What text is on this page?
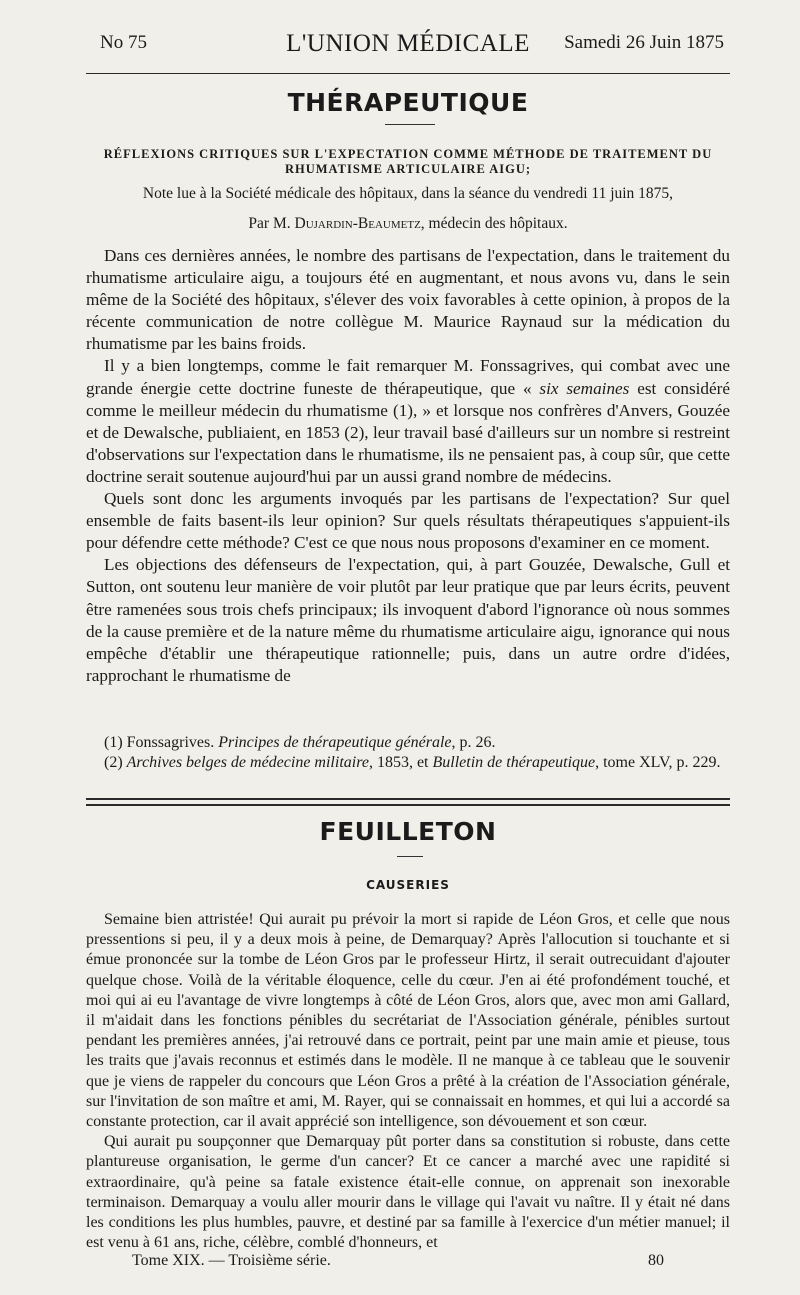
No 75	L'UNION MÉDICALE	Samedi 26 Juin 1875
THÉRAPEUTIQUE
RÉFLEXIONS CRITIQUES SUR L'EXPECTATION COMME MÉTHODE DE TRAITEMENT DU RHUMATISME ARTICULAIRE AIGU;
Note lue à la Société médicale des hôpitaux, dans la séance du vendredi 11 juin 1875,
Par M. Dujardin-Beaumetz, médecin des hôpitaux.

Dans ces dernières années, le nombre des partisans de l'expectation, dans le traitement du rhumatisme articulaire aigu, a toujours été en augmentant, et nous avons vu, dans le sein même de la Société des hôpitaux, s'élever des voix favorables à cette opinion, à propos de la récente communication de notre collègue M. Maurice Raynaud sur la médication du rhumatisme par les bains froids.

Il y a bien longtemps, comme le fait remarquer M. Fonssagrives, qui combat avec une grande énergie cette doctrine funeste de thérapeutique, que « six semaines est considéré comme le meilleur médecin du rhumatisme (1), » et lorsque nos confrères d'Anvers, Gouzée et de Dewalsche, publiaient, en 1853 (2), leur travail basé d'ailleurs sur un nombre si restreint d'observations sur l'expectation dans le rhumatisme, ils ne pensaient pas, à coup sûr, que cette doctrine serait soutenue aujourd'hui par un aussi grand nombre de médecins.

Quels sont donc les arguments invoqués par les partisans de l'expectation? Sur quel ensemble de faits basent-ils leur opinion? Sur quels résultats thérapeutiques s'appuient-ils pour défendre cette méthode? C'est ce que nous nous proposons d'examiner en ce moment.

Les objections des défenseurs de l'expectation, qui, à part Gouzée, Dewalsche, Gull et Sutton, ont soutenu leur manière de voir plutôt par leur pratique que par leurs écrits, peuvent être ramenées sous trois chefs principaux; ils invoquent d'abord l'ignorance où nous sommes de la cause première et de la nature même du rhumatisme articulaire aigu, ignorance qui nous empêche d'établir une thérapeutique rationnelle; puis, dans un autre ordre d'idées, rapprochant le rhumatisme de

(1) Fonssagrives. Principes de thérapeutique générale, p. 26.

(2) Archives belges de médecine militaire, 1853, et Bulletin de thérapeutique, tome XLV, p. 229.

FEUILLETON
CAUSERIES

Semaine bien attristée! Qui aurait pu prévoir la mort si rapide de Léon Gros, et celle que nous pressentions si peu, il y a deux mois à peine, de Demarquay? Après l'allocution si touchante et si émue prononcée sur la tombe de Léon Gros par le professeur Hirtz, il serait outrecuidant d'ajouter quelque chose. Voilà de la véritable éloquence, celle du cœur. J'en ai été profondément touché, et moi qui ai eu l'avantage de vivre longtemps à côté de Léon Gros, alors que, avec mon ami Gallard, il m'aidait dans les fonctions pénibles du secrétariat de l'Association générale, pénibles surtout pendant les premières années, j'ai retrouvé dans ce portrait, peint par une main amie et pieuse, tous les traits que j'avais reconnus et estimés dans le modèle. Il ne manque à ce tableau que le souvenir que je viens de rappeler du concours que Léon Gros a prêté à la création de l'Association générale, sur l'invitation de son maître et ami, M. Rayer, qui se connaissait en hommes, et qui lui a accordé sa constante protection, car il avait apprécié son intelligence, son dévouement et son cœur.

Qui aurait pu soupçonner que Demarquay pût porter dans sa constitution si robuste, dans cette plantureuse organisation, le germe d'un cancer? Et ce cancer a marché avec une rapidité si extraordinaire, qu'à peine sa fatale existence était-elle connue, on apprenait son inexorable terminaison. Demarquay a voulu aller mourir dans le village qui l'avait vu naître. Il y était né dans les conditions les plus humbles, pauvre, et destiné par sa famille à l'exercice d'un métier manuel; il est venu à 61 ans, riche, célèbre, comblé d'honneurs, et

Tome XIX. — Troisième série.	80
